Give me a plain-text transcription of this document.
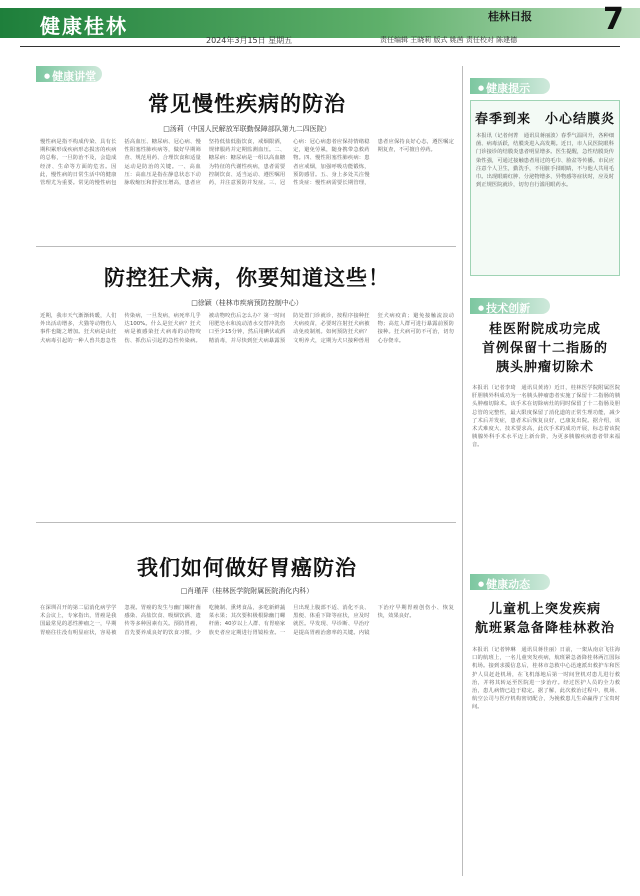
健康桂林
2024年3月15日 星期五	责任编辑 王晓莉 版式 姚茜 责任校对 陈建德
桂林日报 7
● 健康讲堂
常见慢性疾病的防治
□汤莉（中国人民解放军联勤保障部队第九二四医院）
慢性病是指不构成传染、具有长期积累形成疾病形态损害的疾病的总称，一旦防治不及，会造成经济、生命等方面的危害。因此，慢性病的日常生活中的健康管理尤为重要。常见的慢性病包括高血压、糖尿病、冠心病、慢性阻塞性肺疾病等，做好早期筛查、规范用药、合理饮食和适量运动是防治的关键。一、高血压：高血压是指在静息状态下动脉收缩压和舒张压增高，患者应坚持低盐低脂饮食，戒烟限酒，规律服药并定期监测血压。二、糖尿病：糖尿病是一组以高血糖为特征的代谢性疾病，患者需要控制饮食、适当运动、遵医嘱用药，并注意预防并发症。三、冠心病：冠心病患者应保持情绪稳定，避免劳累，随身携带急救药物。四、慢性阻塞性肺疾病：患者应戒烟，加强呼吸功能锻炼，预防感冒。五、身上多处关注慢性炎症：慢性病需要长期管理，患者应保持良好心态，遵医嘱定期复查，不可擅自停药。
防控狂犬病，你要知道这些！
□徐颖（桂林市疾病预防控制中心）
近期，我市天气渐渐转暖，人们外出活动增多，犬猫等动物伤人事件也随之增加。狂犬病是由狂犬病毒引起的一种人兽共患急性传染病，一旦发病，病死率几乎达100%。什么是狂犬病？狂犬病是被感染狂犬病毒的动物咬伤、抓伤后引起的急性传染病。被动物咬伤后怎么办？第一时间用肥皂水和流动清水交替冲洗伤口至少15分钟，然后用碘伏或酒精消毒，并尽快到狂犬病暴露预防处置门诊就诊，按程序接种狂犬病疫苗，必要时注射狂犬病被动免疫制剂。如何预防狂犬病？文明养犬，定期为犬只接种兽用狂犬病疫苗；避免接触流浪动物；高危人群可进行暴露前预防接种。狂犬病可防不可治，切勿心存侥幸。
我们如何做好胃癌防治
□肖瑾萍（桂林医学院附属医院消化内科）
在深圳召开的第二届消化病学学术会议上，专家指出，胃癌是我国最常见的恶性肿瘤之一，早期胃癌往往没有明显症状，容易被忽视。胃癌的发生与幽门螺杆菌感染、高盐饮食、吸烟饮酒、遗传等多种因素有关。预防胃癌，首先要养成良好的饮食习惯，少吃腌制、熏烤食品，多吃新鲜蔬菜水果；其次要积极根除幽门螺杆菌；40岁以上人群、有胃癌家族史者应定期进行胃镜检查。一旦出现上腹部不适、消化不良、黑便、体重下降等症状，应及时就医。早发现、早诊断、早治疗是提高胃癌治愈率的关键。内镜下治疗早期胃癌创伤小、恢复快，效果良好。
● 健康提示
春季到来　小心结膜炎
本报讯（记者何菁　通讯员蒋丽波）春季气温回升，各种细菌、病毒活跃，结膜炎进入高发期。近日，市人民医院眼科门诊接诊的结膜炎患者明显增多。医生提醒，急性结膜炎传染性强，可通过接触患者用过的毛巾、脸盆等传播。市民应注意个人卫生，勤洗手，不用脏手揉眼睛，不与他人共用毛巾。出现眼睛红肿、分泌物增多、异物感等症状时，应及时到正规医院就诊，切勿自行滥用眼药水。
● 技术创新
桂医附院成功完成
首例保留十二指肠的
胰头肿瘤切除术
本报讯（记者李琦　通讯员黄涛）近日，桂林医学院附属医院肝胆胰外科成功为一名胰头肿瘤患者实施了保留十二指肠的胰头肿瘤切除术。该手术在切除病灶的同时保留了十二指肠及胆总管的完整性，最大限度保留了消化道的正常生理功能，减少了术后并发症，患者术后恢复良好，已康复出院。据介绍，该术式难度大、技术要求高，此次手术的成功开展，标志着该院胰腺外科手术水平迈上新台阶，为更多胰腺疾病患者带来福音。
● 健康动态
儿童机上突发疾病
航班紧急备降桂林救治
本报讯（记者钟琳　通讯员蒋佳丽）日前，一架从南京飞往海口的航班上，一名儿童突发疾病，航班紧急备降桂林两江国际机场。接到求援信息后，桂林市急救中心迅速派出救护车和医护人员赶赴机场，在飞机落地后第一时间登机对患儿进行救治，并将其转运至医院进一步治疗。经过医护人员的全力救治，患儿病情已趋于稳定。据了解，此次救治过程中，机场、航空公司与医疗机构密切配合，为挽救患儿生命赢得了宝贵时间。
